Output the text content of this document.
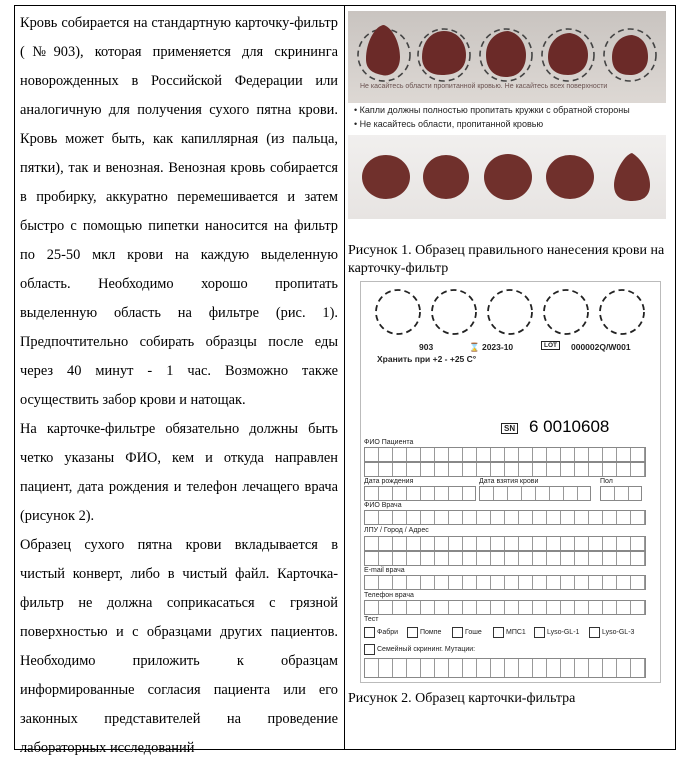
Кровь собирается на стандартную карточку-фильтр (№903), которая применяется для скрининга новорожденных в Российской Федерации или аналогичную для получения сухого пятна крови. Кровь может быть, как капиллярная (из пальца, пятки), так и венозная. Венозная кровь собирается в пробирку, аккуратно перемешивается и затем быстро с помощью пипетки наносится на фильтр по 25-50 мкл крови на каждую выделенную область. Необходимо хорошо пропитать выделенную область на фильтре (рис. 1). Предпочтительно собирать образцы после еды через 40 минут - 1 час. Возможно также осуществить забор крови и натощак.

На карточке-фильтре обязательно должны быть четко указаны ФИО, кем и откуда направлен пациент, дата рождения и телефон лечащего врача (рисунок 2).

Образец сухого пятна крови вкладывается в чистый конверт, либо в чистый файл. Карточка-фильтр не должна соприкасаться с грязной поверхностью и с образцами других пациентов. Необходимо приложить к образцам информированные согласия пациента или его законных представителей на проведение лабораторных исследований

Не касайтесь области пропитанной кровью. Не касайтесь всех поверхности
• Капли должны полностью пропитать кружки с обратной стороны
• Не касайтесь области, пропитанной кровью
Рисунок 1. Образец правильного нанесения крови на карточку-фильтр
903	⌛ 2023-10	LOT	000002Q/W001
Хранить при +2 - +25 С°
SN 6 0010608
ФИО Пациента
Дата рождения	Дата взятия крови	Пол
ФИО Врача
ЛПУ / Город / Адрес
E-mail врача
Телефон врача
Тест
Фабри	Помпе	Гоше	МПС1	Lyso-GL-1	Lyso-GL-3
Семейный скрининг. Мутации:
Рисунок 2. Образец карточки-фильтра
